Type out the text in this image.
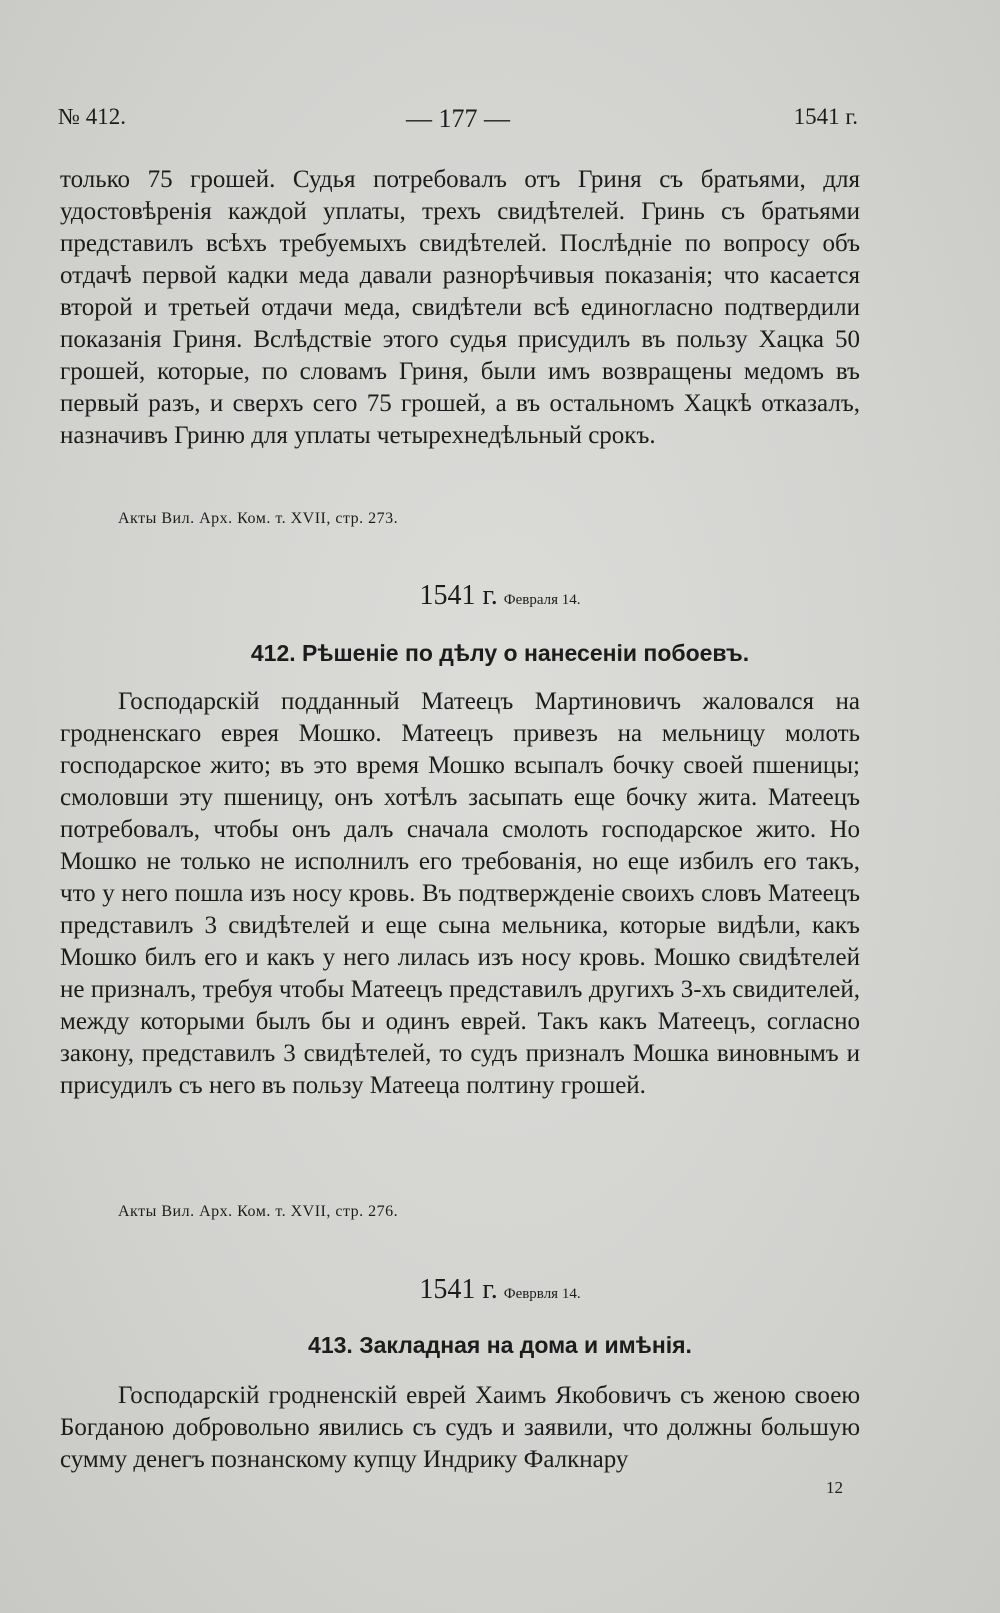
№ 412.	— 177 —	1541 г.

только 75 грошей. Судья потребовалъ отъ Гриня съ братьями, для удостовѣренія каждой уплаты, трехъ свидѣтелей. Гринь съ братьями представилъ всѣхъ требуемыхъ свидѣтелей. Послѣдніе по вопросу объ отдачѣ первой кадки меда давали разнорѣчивыя показанія; что касается второй и третьей отдачи меда, свидѣтели всѣ единогласно подтвердили показанія Гриня. Вслѣдствіе этого судья присудилъ въ пользу Хацка 50 грошей, которые, по словамъ Гриня, были имъ возвращены медомъ въ первый разъ, и сверхъ сего 75 грошей, а въ остальномъ Хацкѣ отказалъ, назначивъ Гриню для уплаты четырехнедѣльный срокъ.

Акты Вил. Арх. Ком. т. XVII, стр. 273.
1541 г. Февраля 14.
412. Рѣшеніе по дѣлу о нанесеніи побоевъ.

Господарскій подданный Матеецъ Мартиновичъ жаловался на гродненскаго еврея Мошко. Матеецъ привезъ на мельницу молоть господарское жито; въ это время Мошко всыпалъ бочку своей пшеницы; смоловши эту пшеницу, онъ хотѣлъ засыпать еще бочку жита. Матеецъ потребовалъ, чтобы онъ далъ сначала смолоть господарское жито. Но Мошко не только не исполнилъ его требованія, но еще избилъ его такъ, что у него пошла изъ носу кровь. Въ подтвержденіе своихъ словъ Матеецъ представилъ 3 свидѣтелей и еще сына мельника, которые видѣли, какъ Мошко билъ его и какъ у него лилась изъ носу кровь. Мошко свидѣтелей не призналъ, требуя чтобы Матеецъ представилъ другихъ 3-хъ свидителей, между которыми былъ бы и одинъ еврей. Такъ какъ Матеецъ, согласно закону, представилъ 3 свидѣтелей, то судъ призналъ Мошка виновнымъ и присудилъ съ него въ пользу Матееца полтину грошей.

Акты Вил. Арх. Ком. т. XVII, стр. 276.
1541 г. Феврвля 14.
413. Закладная на дома и имѣнія.

Господарскій гродненскій еврей Хаимъ Якобовичъ съ женою своею Богданою добровольно явились съ судъ и заявили, что должны большую сумму денегъ познанскому купцу Индрику Фалкнару

12
